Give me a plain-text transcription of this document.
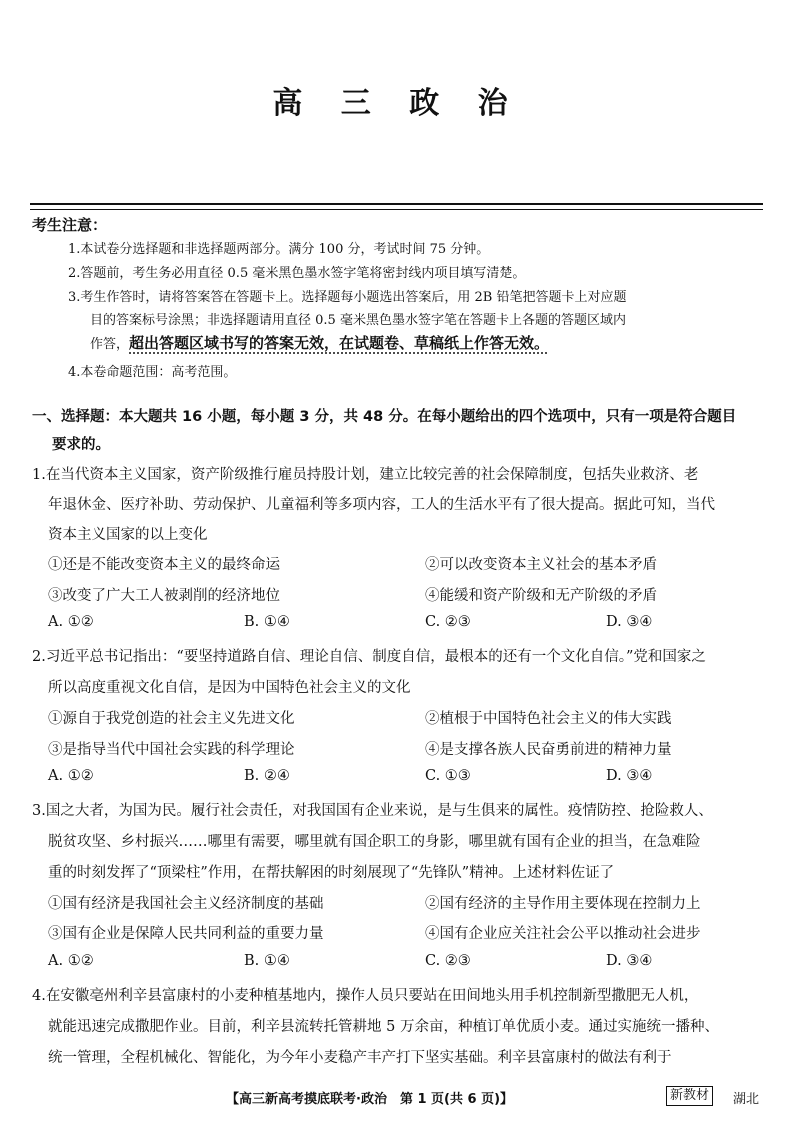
高 三 政 治
考生注意：
1.本试卷分选择题和非选择题两部分。满分 100 分，考试时间 75 分钟。
2.答题前，考生务必用直径 0.5 毫米黑色墨水签字笔将密封线内项目填写清楚。
3.考生作答时，请将答案答在答题卡上。选择题每小题选出答案后，用 2B 铅笔把答题卡上对应题
目的答案标号涂黑；非选择题请用直径 0.5 毫米黑色墨水签字笔在答题卡上各题的答题区域内
作答，超出答题区域书写的答案无效，在试题卷、草稿纸上作答无效。
4.本卷命题范围：高考范围。
一、选择题：本大题共 16 小题，每小题 3 分，共 48 分。在每小题给出的四个选项中，只有一项是符合题目
要求的。
1.在当代资本主义国家，资产阶级推行雇员持股计划，建立比较完善的社会保障制度，包括失业救济、老
年退休金、医疗补助、劳动保护、儿童福利等多项内容，工人的生活水平有了很大提高。据此可知，当代
资本主义国家的以上变化
①还是不能改变资本主义的最终命运	②可以改变资本主义社会的基本矛盾
③改变了广大工人被剥削的经济地位	④能缓和资产阶级和无产阶级的矛盾
A. ①②	B. ①④	C. ②③	D. ③④
2.习近平总书记指出：“要坚持道路自信、理论自信、制度自信，最根本的还有一个文化自信。”党和国家之
所以高度重视文化自信，是因为中国特色社会主义的文化
①源自于我党创造的社会主义先进文化	②植根于中国特色社会主义的伟大实践
③是指导当代中国社会实践的科学理论	④是支撑各族人民奋勇前进的精神力量
A. ①②	B. ②④	C. ①③	D. ③④
3.国之大者，为国为民。履行社会责任，对我国国有企业来说，是与生俱来的属性。疫情防控、抢险救人、
脱贫攻坚、乡村振兴……哪里有需要，哪里就有国企职工的身影，哪里就有国有企业的担当，在急难险
重的时刻发挥了“顶梁柱”作用，在帮扶解困的时刻展现了“先锋队”精神。上述材料佐证了
①国有经济是我国社会主义经济制度的基础	②国有经济的主导作用主要体现在控制力上
③国有企业是保障人民共同利益的重要力量	④国有企业应关注社会公平以推动社会进步
A. ①②	B. ①④	C. ②③	D. ③④
4.在安徽亳州利辛县富康村的小麦种植基地内，操作人员只要站在田间地头用手机控制新型撒肥无人机，
就能迅速完成撒肥作业。目前，利辛县流转托管耕地 5 万余亩，种植订单优质小麦。通过实施统一播种、
统一管理，全程机械化、智能化，为今年小麦稳产丰产打下坚实基础。利辛县富康村的做法有利于
【高三新高考摸底联考·政治　第 1 页(共 6 页)】	新教材	湖北
